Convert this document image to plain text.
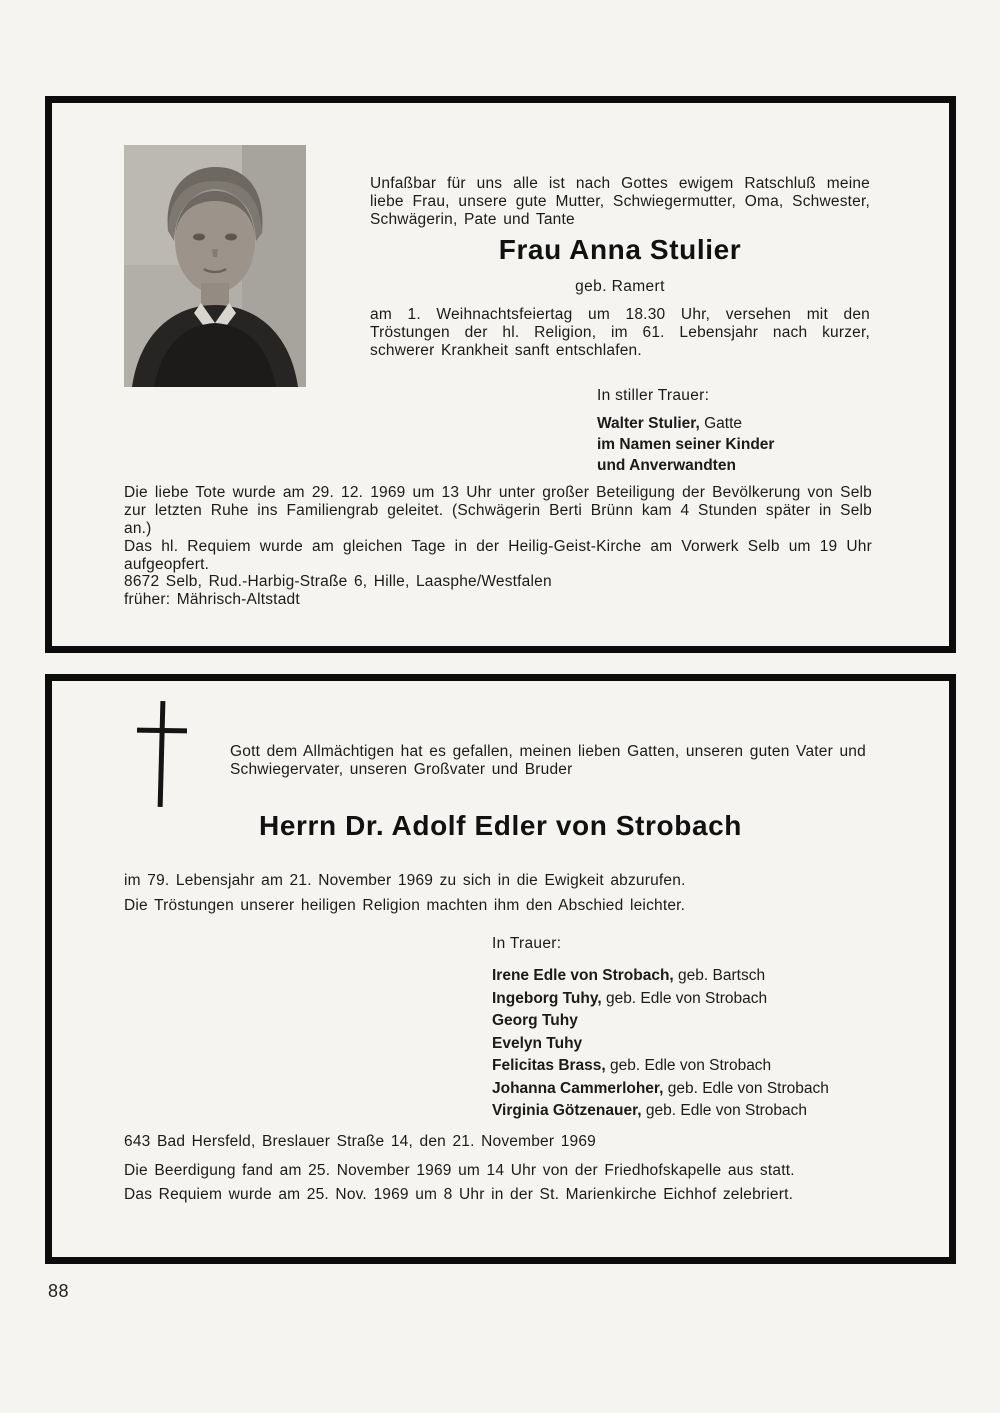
Unfaßbar für uns alle ist nach Gottes ewigem Ratschluß meine liebe Frau, unsere gute Mutter, Schwiegermutter, Oma, Schwester, Schwägerin, Pate und Tante
Frau Anna Stulier
geb. Ramert
am 1. Weihnachtsfeiertag um 18.30 Uhr, versehen mit den Tröstungen der hl. Religion, im 61. Lebensjahr nach kurzer, schwerer Krankheit sanft entschlafen.
In stiller Trauer:
Walter Stulier, Gatte
im Namen seiner Kinder
und Anverwandten
Die liebe Tote wurde am 29. 12. 1969 um 13 Uhr unter großer Beteiligung der Bevölkerung von Selb zur letzten Ruhe ins Familiengrab geleitet. (Schwägerin Berti Brünn kam 4 Stunden später in Selb an.)
Das hl. Requiem wurde am gleichen Tage in der Heilig-Geist-Kirche am Vorwerk Selb um 19 Uhr aufgeopfert.
8672 Selb, Rud.-Harbig-Straße 6, Hille, Laasphe/Westfalen
früher: Mährisch-Altstadt
Gott dem Allmächtigen hat es gefallen, meinen lieben Gatten, unseren guten Vater und Schwiegervater, unseren Großvater und Bruder
Herrn Dr. Adolf Edler von Strobach
im 79. Lebensjahr am 21. November 1969 zu sich in die Ewigkeit abzurufen.
Die Tröstungen unserer heiligen Religion machten ihm den Abschied leichter.
In Trauer:
Irene Edle von Strobach, geb. Bartsch
Ingeborg Tuhy, geb. Edle von Strobach
Georg Tuhy
Evelyn Tuhy
Felicitas Brass, geb. Edle von Strobach
Johanna Cammerloher, geb. Edle von Strobach
Virginia Götzenauer, geb. Edle von Strobach
643 Bad Hersfeld, Breslauer Straße 14, den 21. November 1969
Die Beerdigung fand am 25. November 1969 um 14 Uhr von der Friedhofskapelle aus statt.
Das Requiem wurde am 25. Nov. 1969 um 8 Uhr in der St. Marienkirche Eichhof zelebriert.
88
